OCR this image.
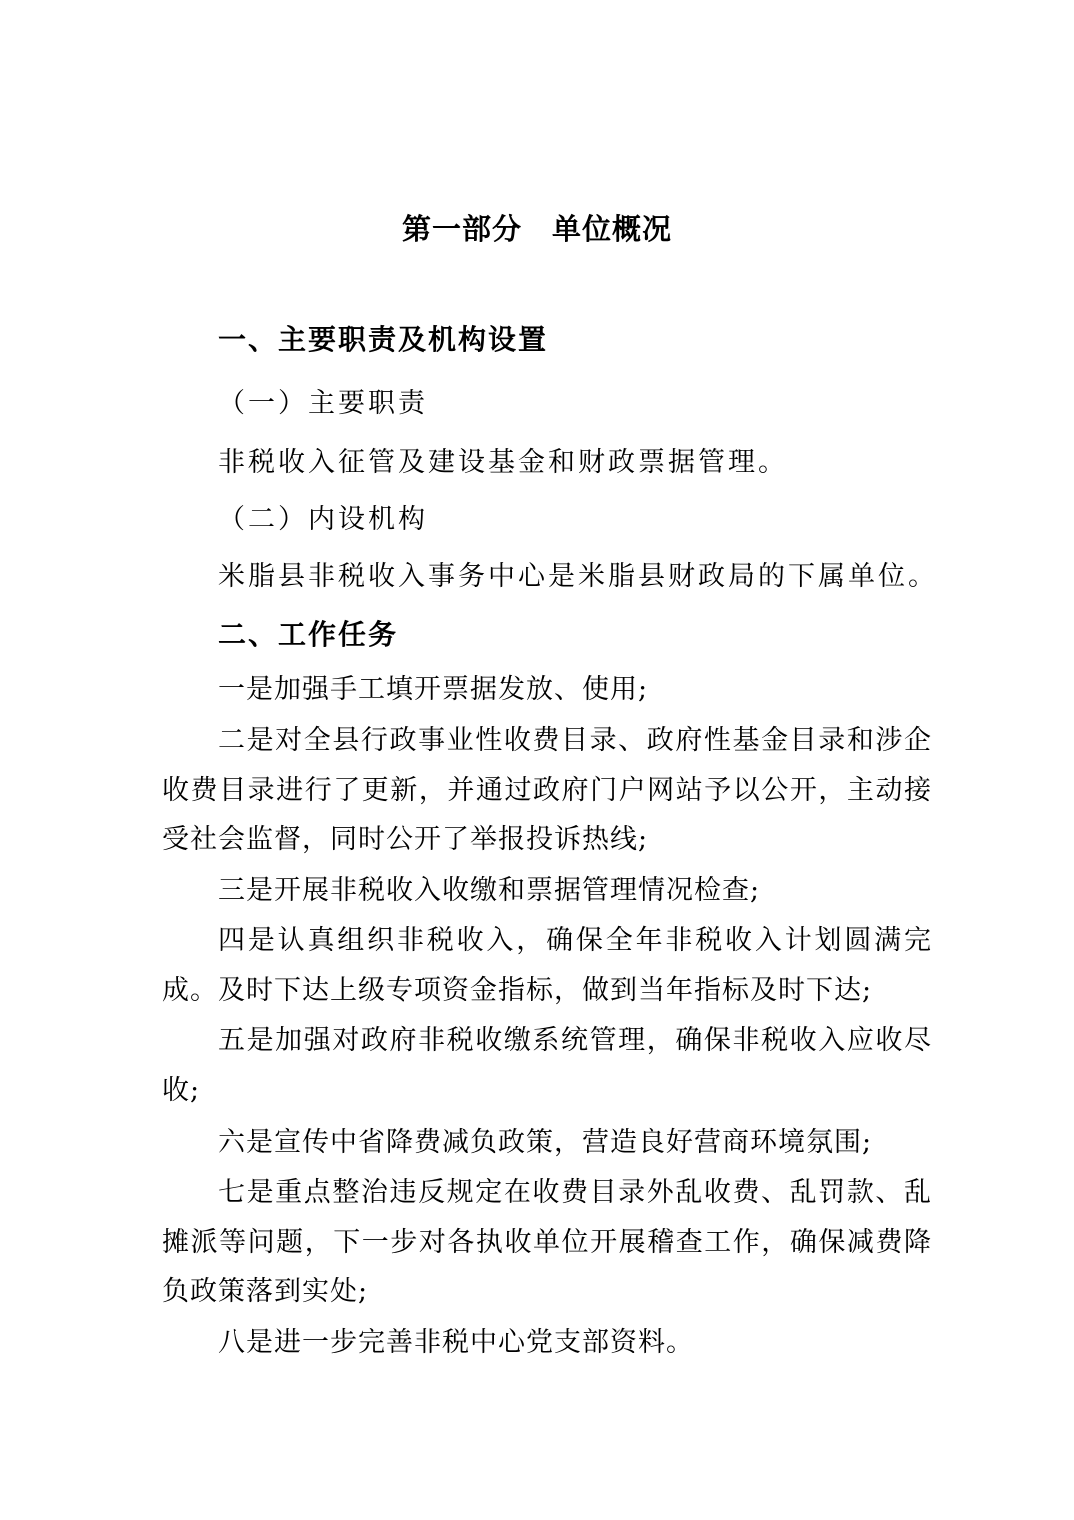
第一部分　单位概况
一、主要职责及机构设置
（一）主要职责
非税收入征管及建设基金和财政票据管理。
（二）内设机构
米脂县非税收入事务中心是米脂县财政局的下属单位。
二、工作任务

一是加强手工填开票据发放、使用;

二是对全县行政事业性收费目录、政府性基金目录和涉企收费目录进行了更新，并通过政府门户网站予以公开，主动接受社会监督，同时公开了举报投诉热线;

三是开展非税收入收缴和票据管理情况检查;

四是认真组织非税收入，确保全年非税收入计划圆满完成。及时下达上级专项资金指标，做到当年指标及时下达;

五是加强对政府非税收缴系统管理，确保非税收入应收尽收;

六是宣传中省降费减负政策，营造良好营商环境氛围;

七是重点整治违反规定在收费目录外乱收费、乱罚款、乱摊派等问题，下一步对各执收单位开展稽查工作，确保减费降负政策落到实处;

八是进一步完善非税中心党支部资料。
